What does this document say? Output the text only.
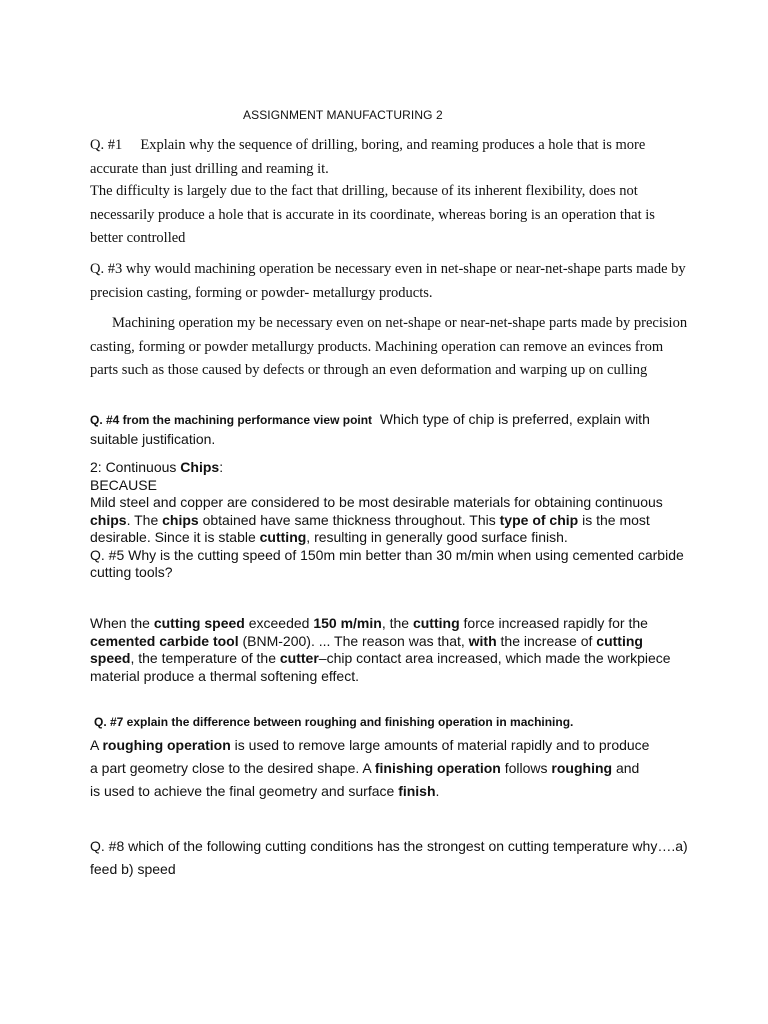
ASSIGNMENT MANUFACTURING 2

Q. #1 Explain why the sequence of drilling, boring, and reaming produces a hole that is more accurate than just drilling and reaming it.

The difficulty is largely due to the fact that drilling, because of its inherent flexibility, does not necessarily produce a hole that is accurate in its coordinate, whereas boring is an operation that is better controlled

Q. #3 why would machining operation be necessary even in net-shape or near-net-shape parts made by precision casting, forming or powder- metallurgy products.

Machining operation my be necessary even on net-shape or near-net-shape parts made by precision casting, forming or powder metallurgy products. Machining operation can remove an evinces from parts such as those caused by defects or through an even deformation and warping up on culling

Q. #4 from the machining performance view point Which type of chip is preferred, explain with suitable justification.

2: Continuous Chips:
BECAUSE
Mild steel and copper are considered to be most desirable materials for obtaining continuous chips. The chips obtained have same thickness throughout. This type of chip is the most desirable. Since it is stable cutting, resulting in generally good surface finish.
Q. #5 Why is the cutting speed of 150m min better than 30 m/min when using cemented carbide cutting tools?

When the cutting speed exceeded 150 m/min, the cutting force increased rapidly for the cemented carbide tool (BNM-200). ... The reason was that, with the increase of cutting speed, the temperature of the cutter–chip contact area increased, which made the workpiece material produce a thermal softening effect.

Q. #7 explain the difference between roughing and finishing operation in machining.

A roughing operation is used to remove large amounts of material rapidly and to produce a part geometry close to the desired shape. A finishing operation follows roughing and is used to achieve the final geometry and surface finish.

Q. #8 which of the following cutting conditions has the strongest on cutting temperature why….a) feed b) speed
